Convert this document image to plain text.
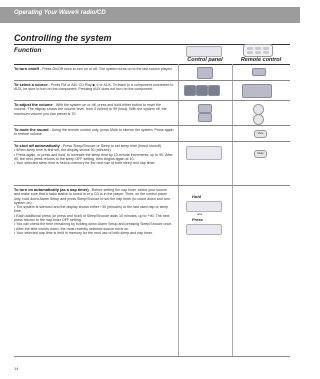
Operating Your Wave® radio/CD
Controlling the system
Function
Control panel	Remote control

To turn on/off - Press On/Off once to turn on or off. The system turns on to the last source played.

To select a source - Press FM or AM, CD Play ▶ II or AUX. To listen to a component connected to AUX, be sure to turn on the component. Pressing AUX does not turn on the component.

To adjust the volume - With the system on or off, press and hold either button to reset the volume. The display shows the volume level, from 0 (silent) to 99 (loud). With the system off, the maximum volume you can preset is 70.

To mute the sound - Using the remote control only, press Mute to silence the system. Press again to restore volume.	Mute

To shut off automatically - Press Sleep/Snooze or Sleep to set sleep time (timed shutoff).

• When sleep time is first set, the display shows 30 (minutes).

• Press again, or press and hold, to increase the sleep time by 10-minute increments, up to 90. After 90, the next press returns to the sleep OFF setting, then begins again at 10.

• Your selected sleep time is held in memory for the next use of both sleep and nap timer.

Sleep

To turn on automatically (as a nap timer) - Before setting the nap timer, select your source and make sure that a radio station is tuned in or a CD is in the player. Then, on the control panel only, hold down Alarm Setup and press Sleep/Snooze to set the nap timer (to count down and turn system on).

• The system is silenced and the display shows either +30 (minutes) or the last used nap or sleep time.

• Each additional press (or press and hold) of Sleep/Snooze adds 10 minutes, up to +90. The next press returns to the nap timer OFF setting.

• You can check the time remaining by holding down Alarm Setup and pressing Sleep/Snooze once.

• After the time counts down, the most recently selected source turns on.

• Your selected nap time is held in memory for the next use of both sleep and nap timer.

Hold
and
Press
14
